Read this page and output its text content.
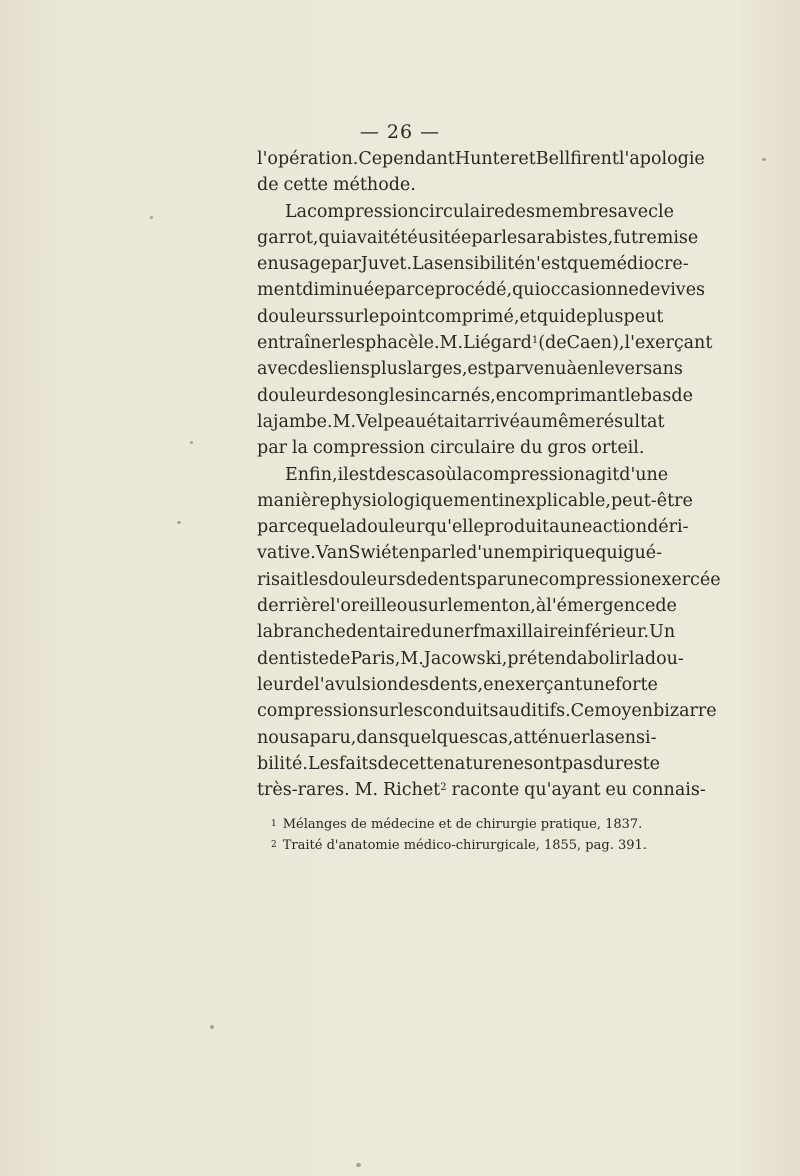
— 26 —
l'opération. Cependant Hunter et Bell firent l'apologie
de cette méthode.
La compression circulaire des membres avec le
garrot, qui avait été usitée par les arabistes, fut remise
en usage par Juvet. La sensibilité n'est que médiocre-
ment diminuée par ce procédé, qui occasionne de vives
douleurs sur le point comprimé, et qui de plus peut
entraîner le sphacèle. M. Liégard$^1$ (de Caen), l'exerçant
avec des liens plus larges, est parvenu à enlever sans
douleur des ongles incarnés, en comprimant le bas de
la jambe. M. Velpeau était arrivé au même résultat
par la compression circulaire du gros orteil.
Enfin, il est des cas où la compression agit d'une
manière physiologiquement inexplicable, peut-être
parce que la douleur qu'elle produit a une action déri-
vative. Van Swiéten parle d'un empirique qui gué-
risait les douleurs de dents par une compression exercée
derrière l'oreille ou sur le menton, à l'émergence de
la branche dentaire du nerf maxillaire inférieur. Un
dentiste de Paris, M. Jacowski, prétend abolir la dou-
leur de l'avulsion des dents, en exerçant une forte
compression sur les conduits auditifs. Ce moyen bizarre
nous a paru, dans quelques cas, atténuer la sensi-
bilité. Les faits de cette nature ne sont pas du reste
très-rares. M. Richet$^2$ raconte qu'ayant eu connais-
$^1$ Mélanges de médecine et de chirurgie pratique, 1837.
$^2$ Traité d'anatomie médico-chirurgicale, 1855, pag. 391.
